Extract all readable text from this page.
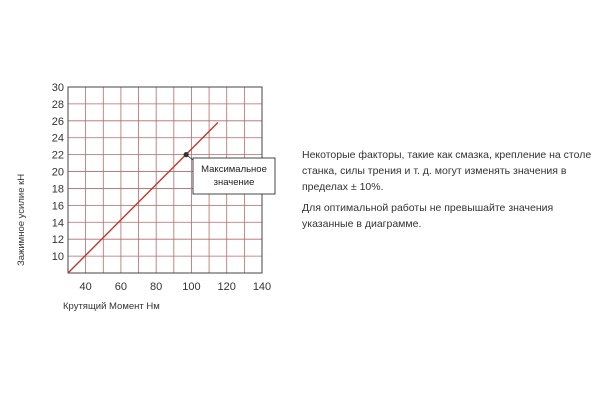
40 60 80 100 120 140
10
12
14
16
18
20
22
24
26
28
30
Максимальное
значение
Крутящий Момент Нм
Зажимное усилие кН
Некоторые факторы, такие как смазка, крепление на столе станка, силы трения и т. д. могут изменять значения в пределах ± 10%.
Для оптимальной работы не превышайте значения указанные в диаграмме.
